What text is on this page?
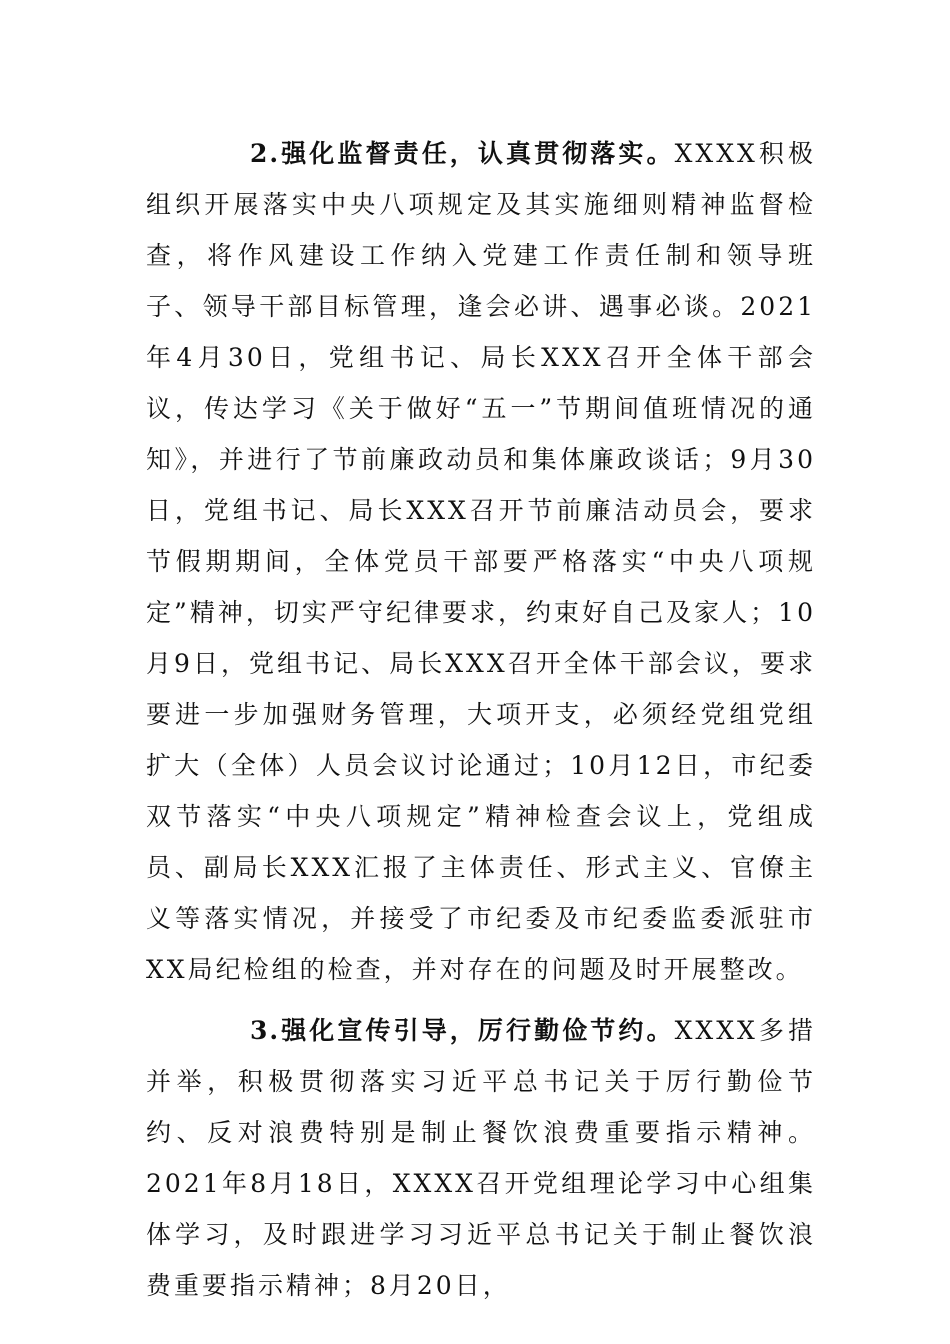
2.强化监督责任，认真贯彻落实。XXXX积极组织开展落实中央八项规定及其实施细则精神监督检查，将作风建设工作纳入党建工作责任制和领导班子、领导干部目标管理，逢会必讲、遇事必谈。2021年4月30日，党组书记、局长XXX召开全体干部会议，传达学习《关于做好“五一”节期间值班情况的通知》，并进行了节前廉政动员和集体廉政谈话；9月30日，党组书记、局长XXX召开节前廉洁动员会，要求节假期期间，全体党员干部要严格落实“中央八项规定”精神，切实严守纪律要求，约束好自己及家人；10月9日，党组书记、局长XXX召开全体干部会议，要求要进一步加强财务管理，大项开支，必须经党组党组扩大（全体）人员会议讨论通过；10月12日，市纪委双节落实“中央八项规定”精神检查会议上，党组成员、副局长XXX汇报了主体责任、形式主义、官僚主义等落实情况，并接受了市纪委及市纪委监委派驻市XX局纪检组的检查，并对存在的问题及时开展整改。

3.强化宣传引导，厉行勤俭节约。XXXX多措并举，积极贯彻落实习近平总书记关于厉行勤俭节约、反对浪费特别是制止餐饮浪费重要指示精神。2021年8月18日，XXXX召开党组理论学习中心组集体学习，及时跟进学习习近平总书记关于制止餐饮浪费重要指示精神；8月20日，
